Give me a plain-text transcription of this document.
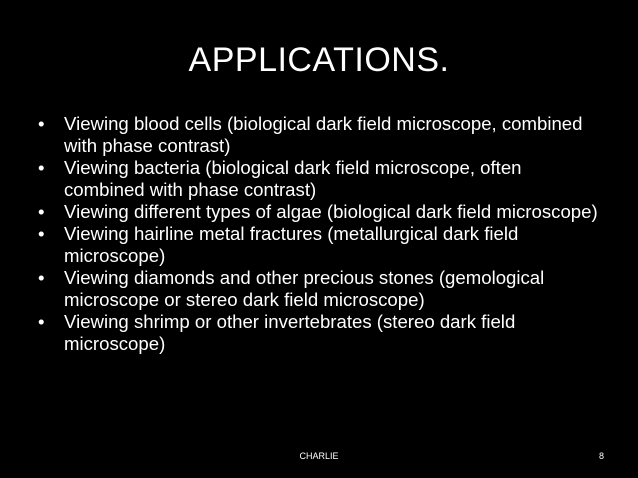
APPLICATIONS.
•	Viewing blood cells (biological dark field microscope, combined with phase contrast)
•	Viewing bacteria (biological dark field microscope, often combined with phase contrast)
•	Viewing different types of algae (biological dark field microscope)
•	Viewing hairline metal fractures (metallurgical dark field microscope)
•	Viewing diamonds and other precious stones (gemological microscope or stereo dark field microscope)
•	Viewing shrimp or other invertebrates (stereo dark field microscope)
CHARLIE	8
